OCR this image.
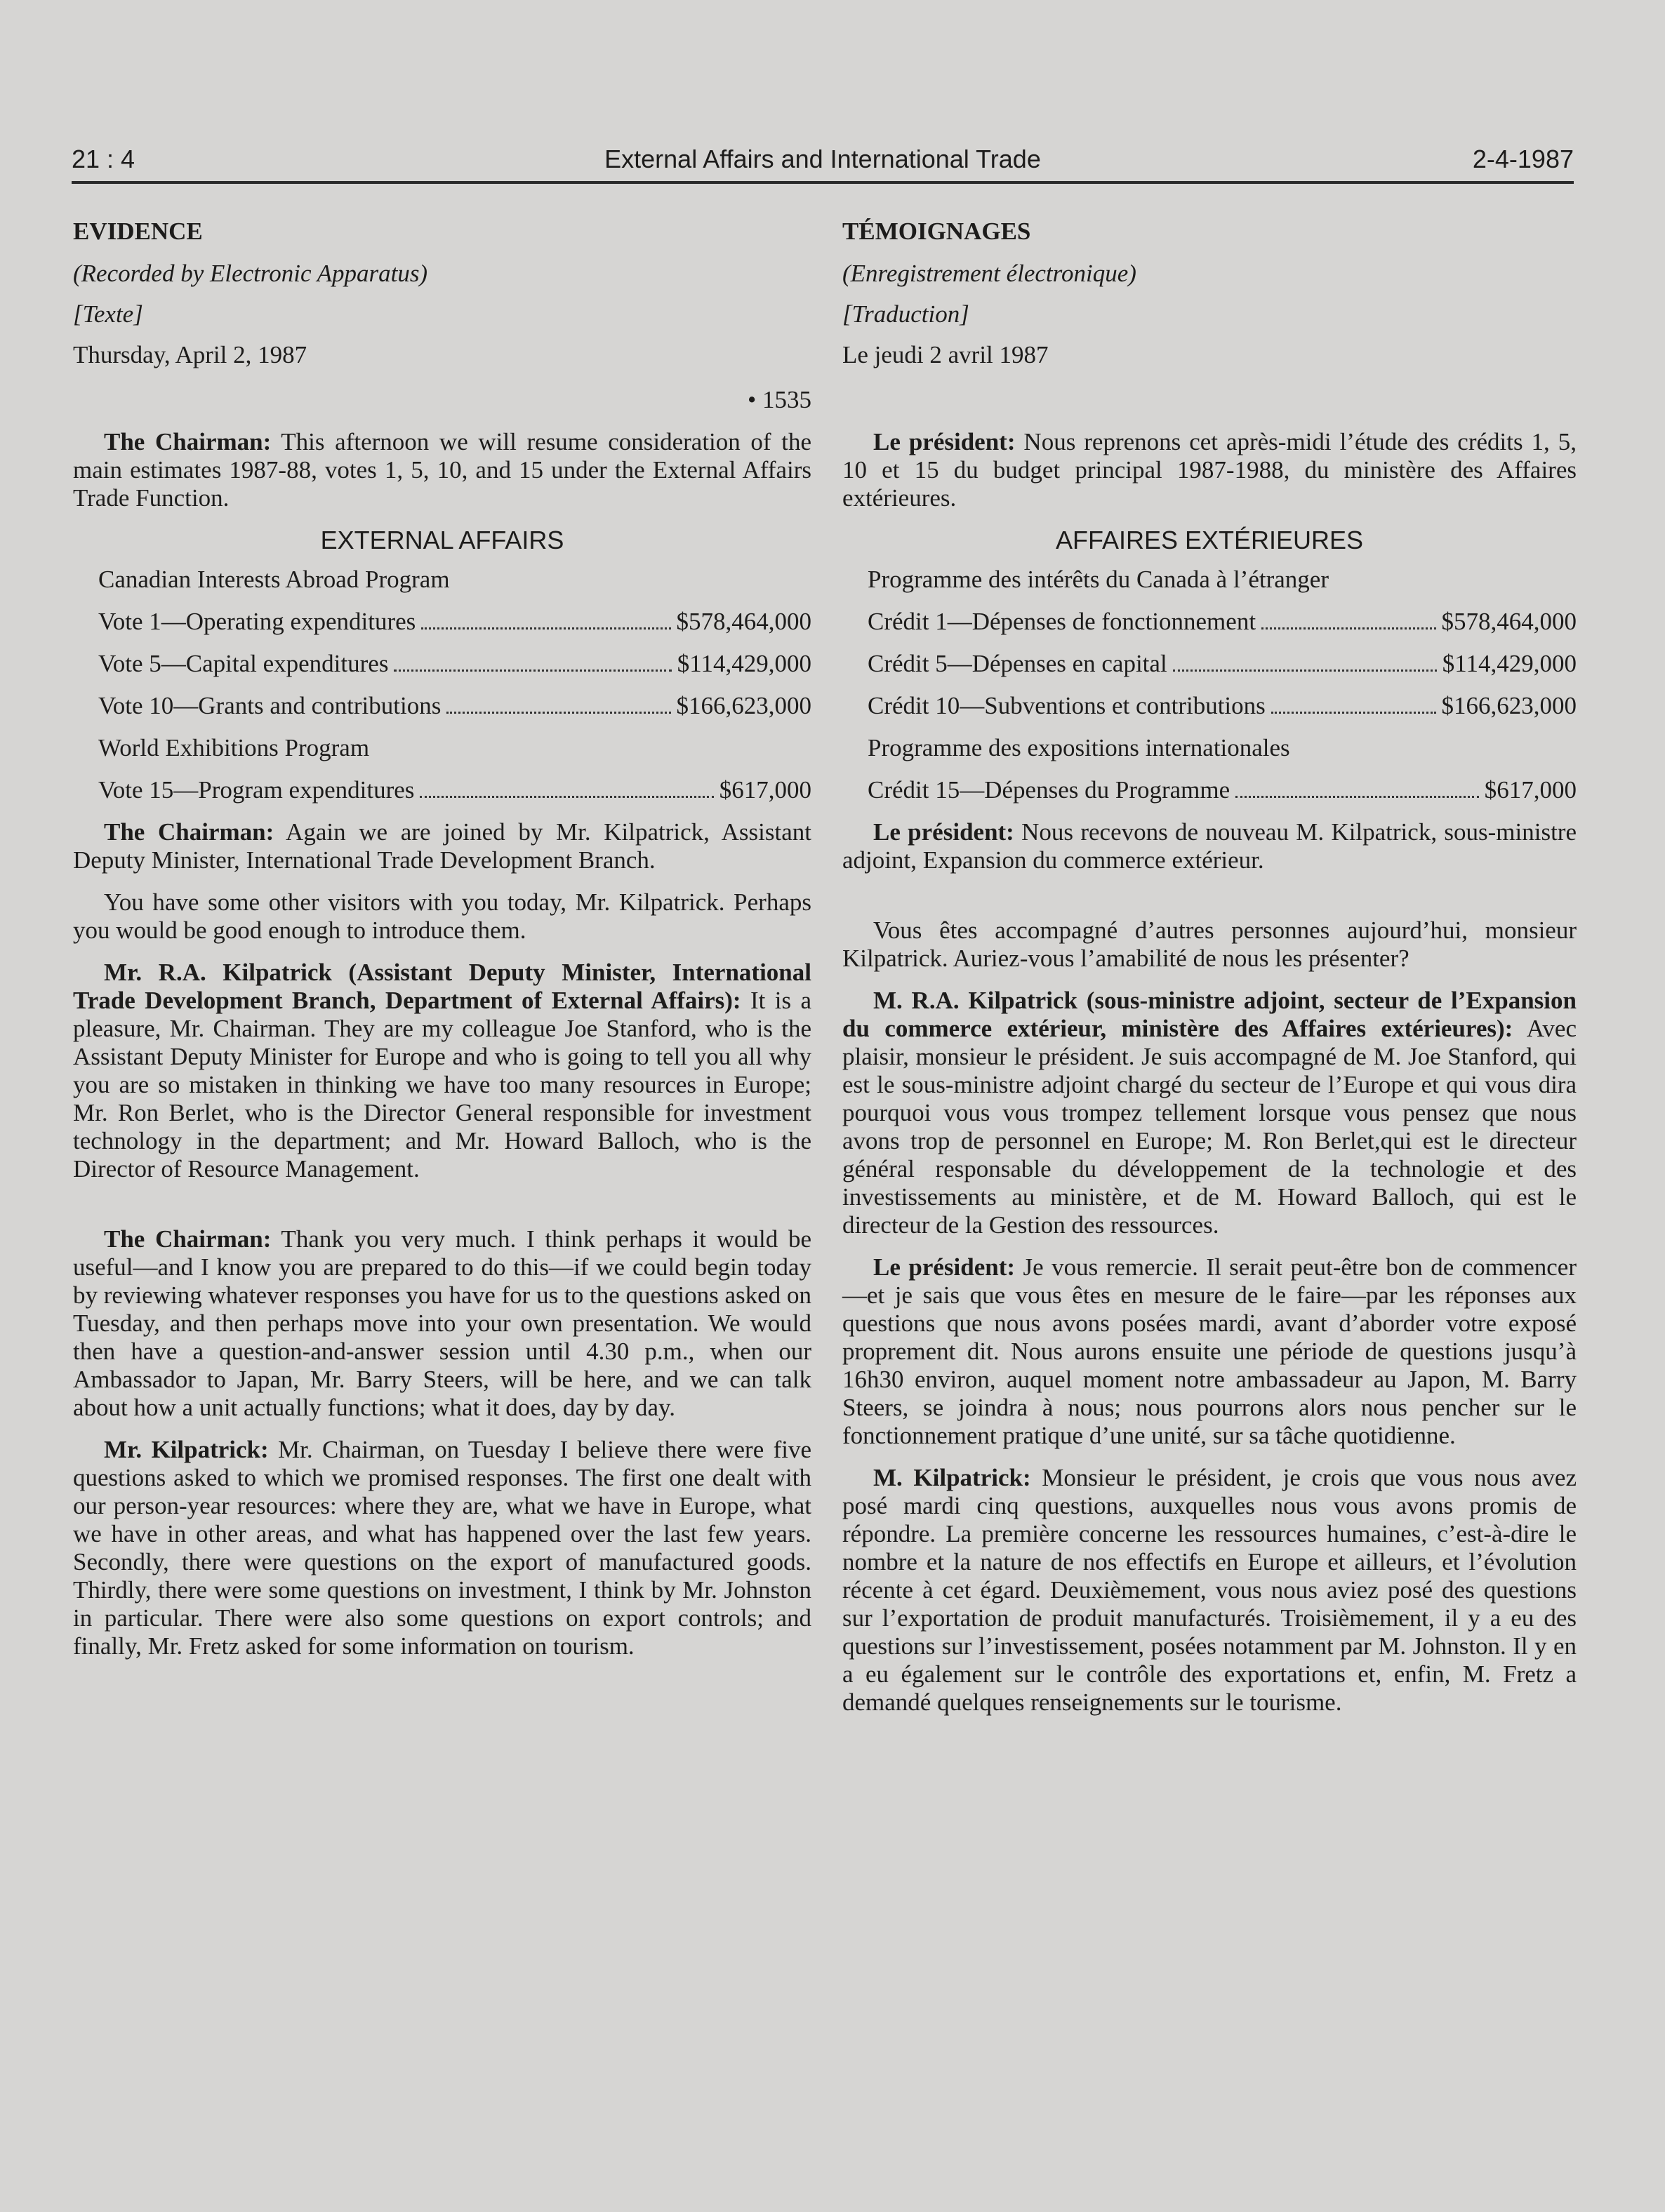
21 : 4	External Affairs and International Trade	2-4-1987

EVIDENCE

(Recorded by Electronic Apparatus)

[Texte]

Thursday, April 2, 1987

• 1535

The Chairman: This afternoon we will resume consideration of the main estimates 1987-88, votes 1, 5, 10, and 15 under the External Affairs Trade Function.

EXTERNAL AFFAIRS

Canadian Interests Abroad Program

Vote 1—Operating expenditures	$578,464,000
Vote 5—Capital expenditures	$114,429,000
Vote 10—Grants and contributions	$166,623,000

World Exhibitions Program

Vote 15—Program expenditures	$617,000

The Chairman: Again we are joined by Mr. Kilpatrick, Assistant Deputy Minister, International Trade Development Branch.

You have some other visitors with you today, Mr. Kilpatrick. Perhaps you would be good enough to introduce them.

Mr. R.A. Kilpatrick (Assistant Deputy Minister, International Trade Development Branch, Department of External Affairs): It is a pleasure, Mr. Chairman. They are my colleague Joe Stanford, who is the Assistant Deputy Minister for Europe and who is going to tell you all why you are so mistaken in thinking we have too many resources in Europe; Mr. Ron Berlet, who is the Director General responsible for investment technology in the department; and Mr. Howard Balloch, who is the Director of Resource Management.

The Chairman: Thank you very much. I think perhaps it would be useful—and I know you are prepared to do this—if we could begin today by reviewing whatever responses you have for us to the questions asked on Tuesday, and then perhaps move into your own presentation. We would then have a question-and-answer session until 4.30 p.m., when our Ambassador to Japan, Mr. Barry Steers, will be here, and we can talk about how a unit actually functions; what it does, day by day.

Mr. Kilpatrick: Mr. Chairman, on Tuesday I believe there were five questions asked to which we promised responses. The first one dealt with our person-year resources: where they are, what we have in Europe, what we have in other areas, and what has happened over the last few years. Secondly, there were questions on the export of manufactured goods. Thirdly, there were some questions on investment, I think by Mr. Johnston in particular. There were also some questions on export controls; and finally, Mr. Fretz asked for some information on tourism.

TÉMOIGNAGES

(Enregistrement électronique)

[Traduction]

Le jeudi 2 avril 1987

Le président: Nous reprenons cet après-midi l’étude des crédits 1, 5, 10 et 15 du budget principal 1987-1988, du ministère des Affaires extérieures.

AFFAIRES EXTÉRIEURES

Programme des intérêts du Canada à l’étranger

Crédit 1—Dépenses de fonctionnement	$578,464,000
Crédit 5—Dépenses en capital	$114,429,000
Crédit 10—Subventions et contributions	$166,623,000

Programme des expositions internationales

Crédit 15—Dépenses du Programme	$617,000

Le président: Nous recevons de nouveau M. Kilpatrick, sous-ministre adjoint, Expansion du commerce extérieur.

Vous êtes accompagné d’autres personnes aujourd’hui, monsieur Kilpatrick. Auriez-vous l’amabilité de nous les présenter?

M. R.A. Kilpatrick (sous-ministre adjoint, secteur de l’Expansion du commerce extérieur, ministère des Affaires extérieures): Avec plaisir, monsieur le président. Je suis accompagné de M. Joe Stanford, qui est le sous-ministre adjoint chargé du secteur de l’Europe et qui vous dira pourquoi vous vous trompez tellement lorsque vous pensez que nous avons trop de personnel en Europe; M. Ron Berlet,qui est le directeur général responsable du développement de la technologie et des investissements au ministère, et de M. Howard Balloch, qui est le directeur de la Gestion des ressources.

Le président: Je vous remercie. Il serait peut-être bon de commencer—et je sais que vous êtes en mesure de le faire—par les réponses aux questions que nous avons posées mardi, avant d’aborder votre exposé proprement dit. Nous aurons ensuite une période de questions jusqu’à 16h30 environ, auquel moment notre ambassadeur au Japon, M. Barry Steers, se joindra à nous; nous pourrons alors nous pencher sur le fonctionnement pratique d’une unité, sur sa tâche quotidienne.

M. Kilpatrick: Monsieur le président, je crois que vous nous avez posé mardi cinq questions, auxquelles nous vous avons promis de répondre. La première concerne les ressources humaines, c’est-à-dire le nombre et la nature de nos effectifs en Europe et ailleurs, et l’évolution récente à cet égard. Deuxièmement, vous nous aviez posé des questions sur l’exportation de produit manufacturés. Troisièmement, il y a eu des questions sur l’investissement, posées notamment par M. Johnston. Il y en a eu également sur le contrôle des exportations et, enfin, M. Fretz a demandé quelques renseignements sur le tourisme.
